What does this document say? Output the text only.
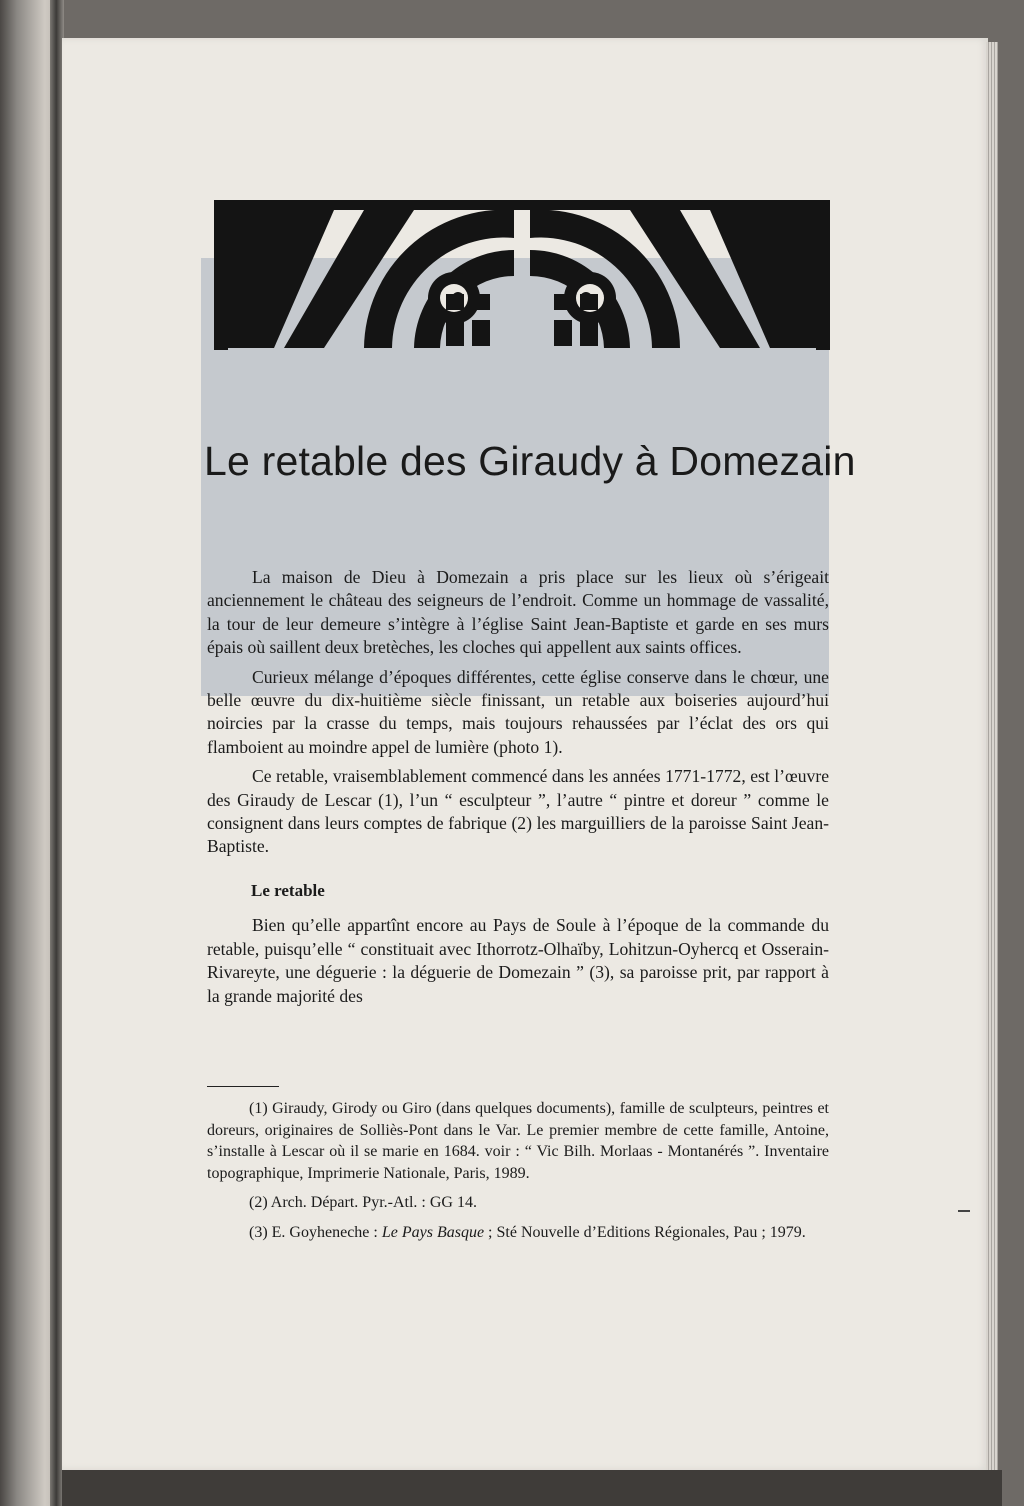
Le retable des Giraudy à Domezain

La maison de Dieu à Domezain a pris place sur les lieux où s’érigeait anciennement le château des seigneurs de l’endroit. Comme un hommage de vassalité, la tour de leur demeure s’intègre à l’église Saint Jean-Baptiste et garde en ses murs épais où saillent deux bretèches, les cloches qui appellent aux saints offices.

Curieux mélange d’époques différentes, cette église conserve dans le chœur, une belle œuvre du dix-huitième siècle finissant, un retable aux boiseries aujourd’hui noircies par la crasse du temps, mais toujours rehaussées par l’éclat des ors qui flamboient au moindre appel de lumière (photo 1).

Ce retable, vraisemblablement commencé dans les années 1771-1772, est l’œuvre des Giraudy de Lescar (1), l’un “ esculpteur ”, l’autre “ pintre et doreur ” comme le consignent dans leurs comptes de fabrique (2) les marguilliers de la paroisse Saint Jean-Baptiste.

Le retable

Bien qu’elle appartînt encore au Pays de Soule à l’époque de la commande du retable, puisqu’elle “ constituait avec Ithorrotz-Olhaïby, Lohitzun-Oyhercq et Osserain-Rivareyte, une déguerie : la déguerie de Domezain ” (3), sa paroisse prit, par rapport à la grande majorité des

(1) Giraudy, Girody ou Giro (dans quelques documents), famille de sculpteurs, peintres et doreurs, originaires de Solliès-Pont dans le Var. Le premier membre de cette famille, Antoine, s’installe à Lescar où il se marie en 1684. voir : “ Vic Bilh. Morlaas - Montanérés ”. Inventaire topographique, Imprimerie Nationale, Paris, 1989.

(2) Arch. Départ. Pyr.-Atl. : GG 14.

(3) E. Goyheneche : Le Pays Basque ; Sté Nouvelle d’Editions Régionales, Pau ; 1979.
